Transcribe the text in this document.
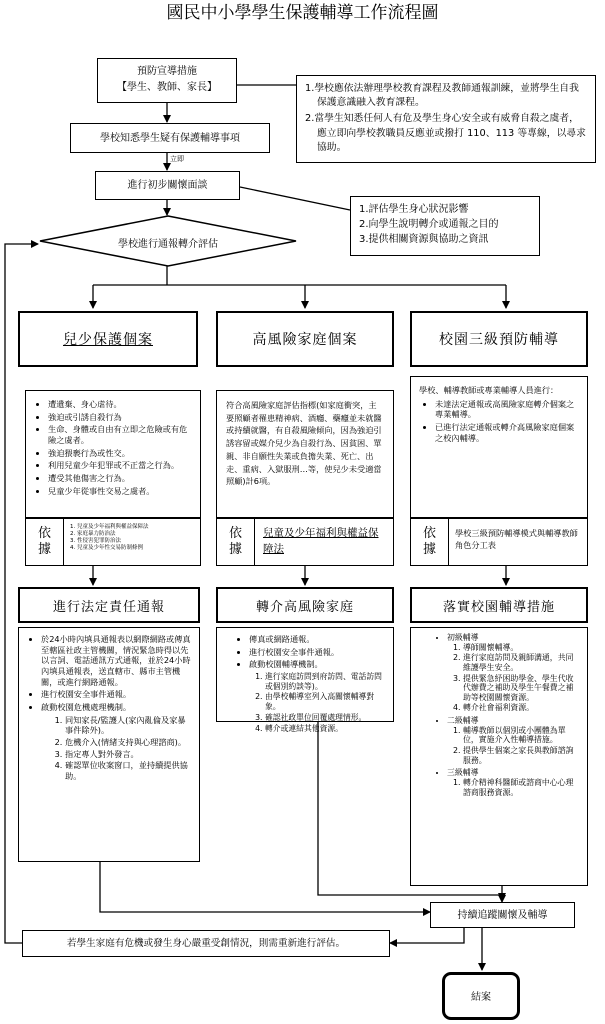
國民中小學學生保護輔導工作流程圖
預防宣導措施
【學生、教師、家長】	1.學校應依法辦理學校教育課程及教師通報訓練，並將學生自我保護意識融入教育課程。
2.當學生知悉任何人有危及學生身心安全或有威脅自殺之虞者，應立即向學校教職員反應並或撥打 110、113 等專線，以尋求協助。
學校知悉學生疑有保護輔導事項
立即
進行初步關懷面談
1.評估學生身心狀況影響
2.向學生說明轉介或通報之目的
3.提供相關資源與協助之資訊
學校進行通報轉介評估
兒少保護個案
• 遭遺棄、身心虐待。
• 強迫或引誘自殺行為
• 生命、身體或自由有立即之危險或有危險之虞者。
• 強迫猥褻行為或性交。
• 利用兒童少年犯罪或不正當之行為。
• 遭受其他傷害之行為。
• 兒童少年從事性交易之虞者。
依據
1. 兒童及少年福利與權益保障法
2. 家庭暴力防治法
3. 性侵害犯罪防治法
4. 兒童及少年性交易防制條例
進行法定責任通報
• 於24小時內填具通報表以網際網路或傳真至轄區社政主管機關，情況緊急時得以先以言詞、電話通訊方式通報，並於24小時內填具通報表，送直轄市、縣市主管機關，或進行網路通報。
• 進行校園安全事件通報。
• 啟動校園危機處理機制。
1. 同知家長/監護人(家內亂倫及家暴事件除外)。
2. 危機介入(情緒支持與心理諮商)。
3. 指定專人對外發言。
4. 確認單位收案窗口，並持續提供協助。
高風險家庭個案
符合高風險家庭評估指標(如家庭衝突，主要照顧者罹患精神病、酒癮、藥癮並未就醫或持續就醫，有自殺風險傾向，因為強迫引誘容留或媒介兒少為自殺行為、因貧困、單親、非自願性失業或負擔失業、死亡、出走、重病、入獄服刑…等，使兒少未受適當照顧)計6項。
依據
兒童及少年福利與權益保障法
轉介高風險家庭
• 傳真或網路通報。
• 進行校園安全事件通報。
• 啟動校園輔導機制。
1. 進行家庭訪問到府訪問、電話訪問或個別約談等)。
2. 由學校輔導室列入高關懷輔導對象。
3. 確認社政單位回覆處理情形。
4. 轉介或連結其他資源。
校園三級預防輔導
學校、輔導教師或專業輔導人員進行：
• 未達法定通報或高風險家庭轉介個案之專業輔導。
• 已進行法定通報或轉介高風險家庭個案之校內輔導。
依據
學校三級預防輔導模式與輔導教師角色分工表
落實校園輔導措施
• 初級輔導
1. 導師關懷輔導。
2. 進行家庭訪問及親師溝通，共同維護學生安全。
3. 提供緊急紓困助學金、學生代收代辦費之補助及學生午餐費之補助等校園關懷資源。
4. 轉介社會福利資源。
• 二級輔導
1. 輔導教師以個別或小團體為單位，實施介入性輔導措施。
2. 提供學生個案之家長與教師諮詢服務。
• 三級輔導
1. 轉介精神科醫師或諮商中心心理諮商服務資源。
持續追蹤關懷及輔導
若學生家庭有危機或發生身心嚴重受創情況，則需重新進行評估。
結案
